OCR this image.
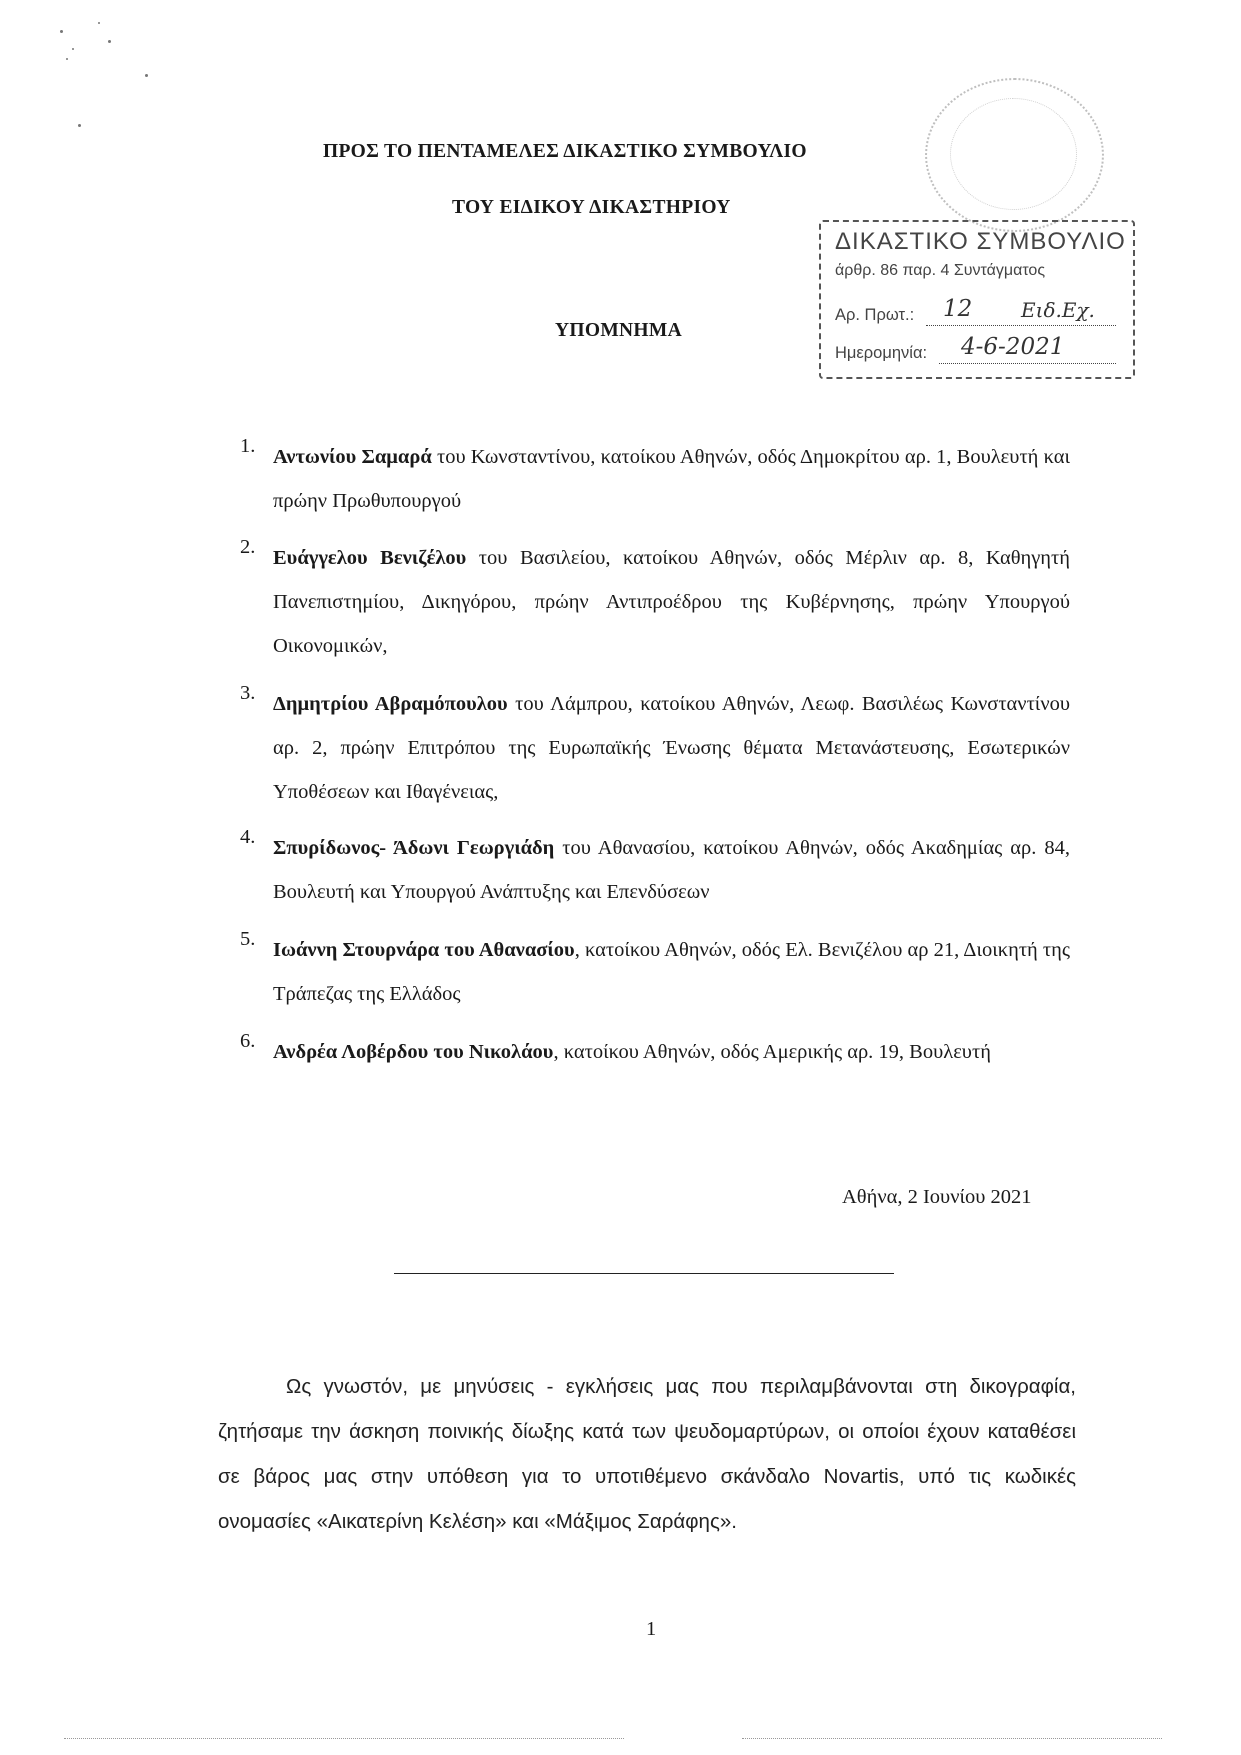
ΠΡΟΣ ΤΟ ΠΕΝΤΑΜΕΛΕΣ ΔΙΚΑΣΤΙΚΟ ΣΥΜΒΟΥΛΙΟ
ΤΟΥ ΕΙΔΙΚΟΥ ΔΙΚΑΣΤΗΡΙΟΥ
ΥΠΟΜΝΗΜΑ
ΔΙΚΑΣΤΙΚΟ ΣΥΜΒΟΥΛΙΟ
άρθρ. 86 παρ. 4 Συντάγματος
Αρ. Πρωτ.: 12 Ειδ.Εχ.
Ημερομηνία: 4-6-2021
1. Αντωνίου Σαμαρά του Κωνσταντίνου, κατοίκου Αθηνών, οδός Δημοκρίτου αρ. 1, Βουλευτή και πρώην Πρωθυπουργού
2. Ευάγγελου Βενιζέλου του Βασιλείου, κατοίκου Αθηνών, οδός Μέρλιν αρ. 8, Καθηγητή Πανεπιστημίου, Δικηγόρου, πρώην Αντιπροέδρου της Κυβέρνησης, πρώην Υπουργού Οικονομικών,
3. Δημητρίου Αβραμόπουλου του Λάμπρου, κατοίκου Αθηνών, Λεωφ. Βασιλέως Κωνσταντίνου αρ. 2, πρώην Επιτρόπου της Ευρωπαϊκής Ένωσης θέματα Μετανάστευσης, Εσωτερικών Υποθέσεων και Ιθαγένειας,
4. Σπυρίδωνος- Άδωνι Γεωργιάδη του Αθανασίου, κατοίκου Αθηνών, οδός Ακαδημίας αρ. 84, Βουλευτή και Υπουργού Ανάπτυξης και Επενδύσεων
5. Ιωάννη Στουρνάρα του Αθανασίου, κατοίκου Αθηνών, οδός Ελ. Βενιζέλου αρ 21, Διοικητή της Τράπεζας της Ελλάδος
6. Ανδρέα Λοβέρδου του Νικολάου, κατοίκου Αθηνών, οδός Αμερικής αρ. 19, Βουλευτή
Αθήνα, 2 Ιουνίου 2021
Ως γνωστόν, με μηνύσεις - εγκλήσεις μας που περιλαμβάνονται στη δικογραφία, ζητήσαμε την άσκηση ποινικής δίωξης κατά των ψευδομαρτύρων, οι οποίοι έχουν καταθέσει σε βάρος μας στην υπόθεση για το υποτιθέμενο σκάνδαλο Novartis, υπό τις κωδικές ονομασίες «Αικατερίνη Κελέση» και «Μάξιμος Σαράφης».
1
